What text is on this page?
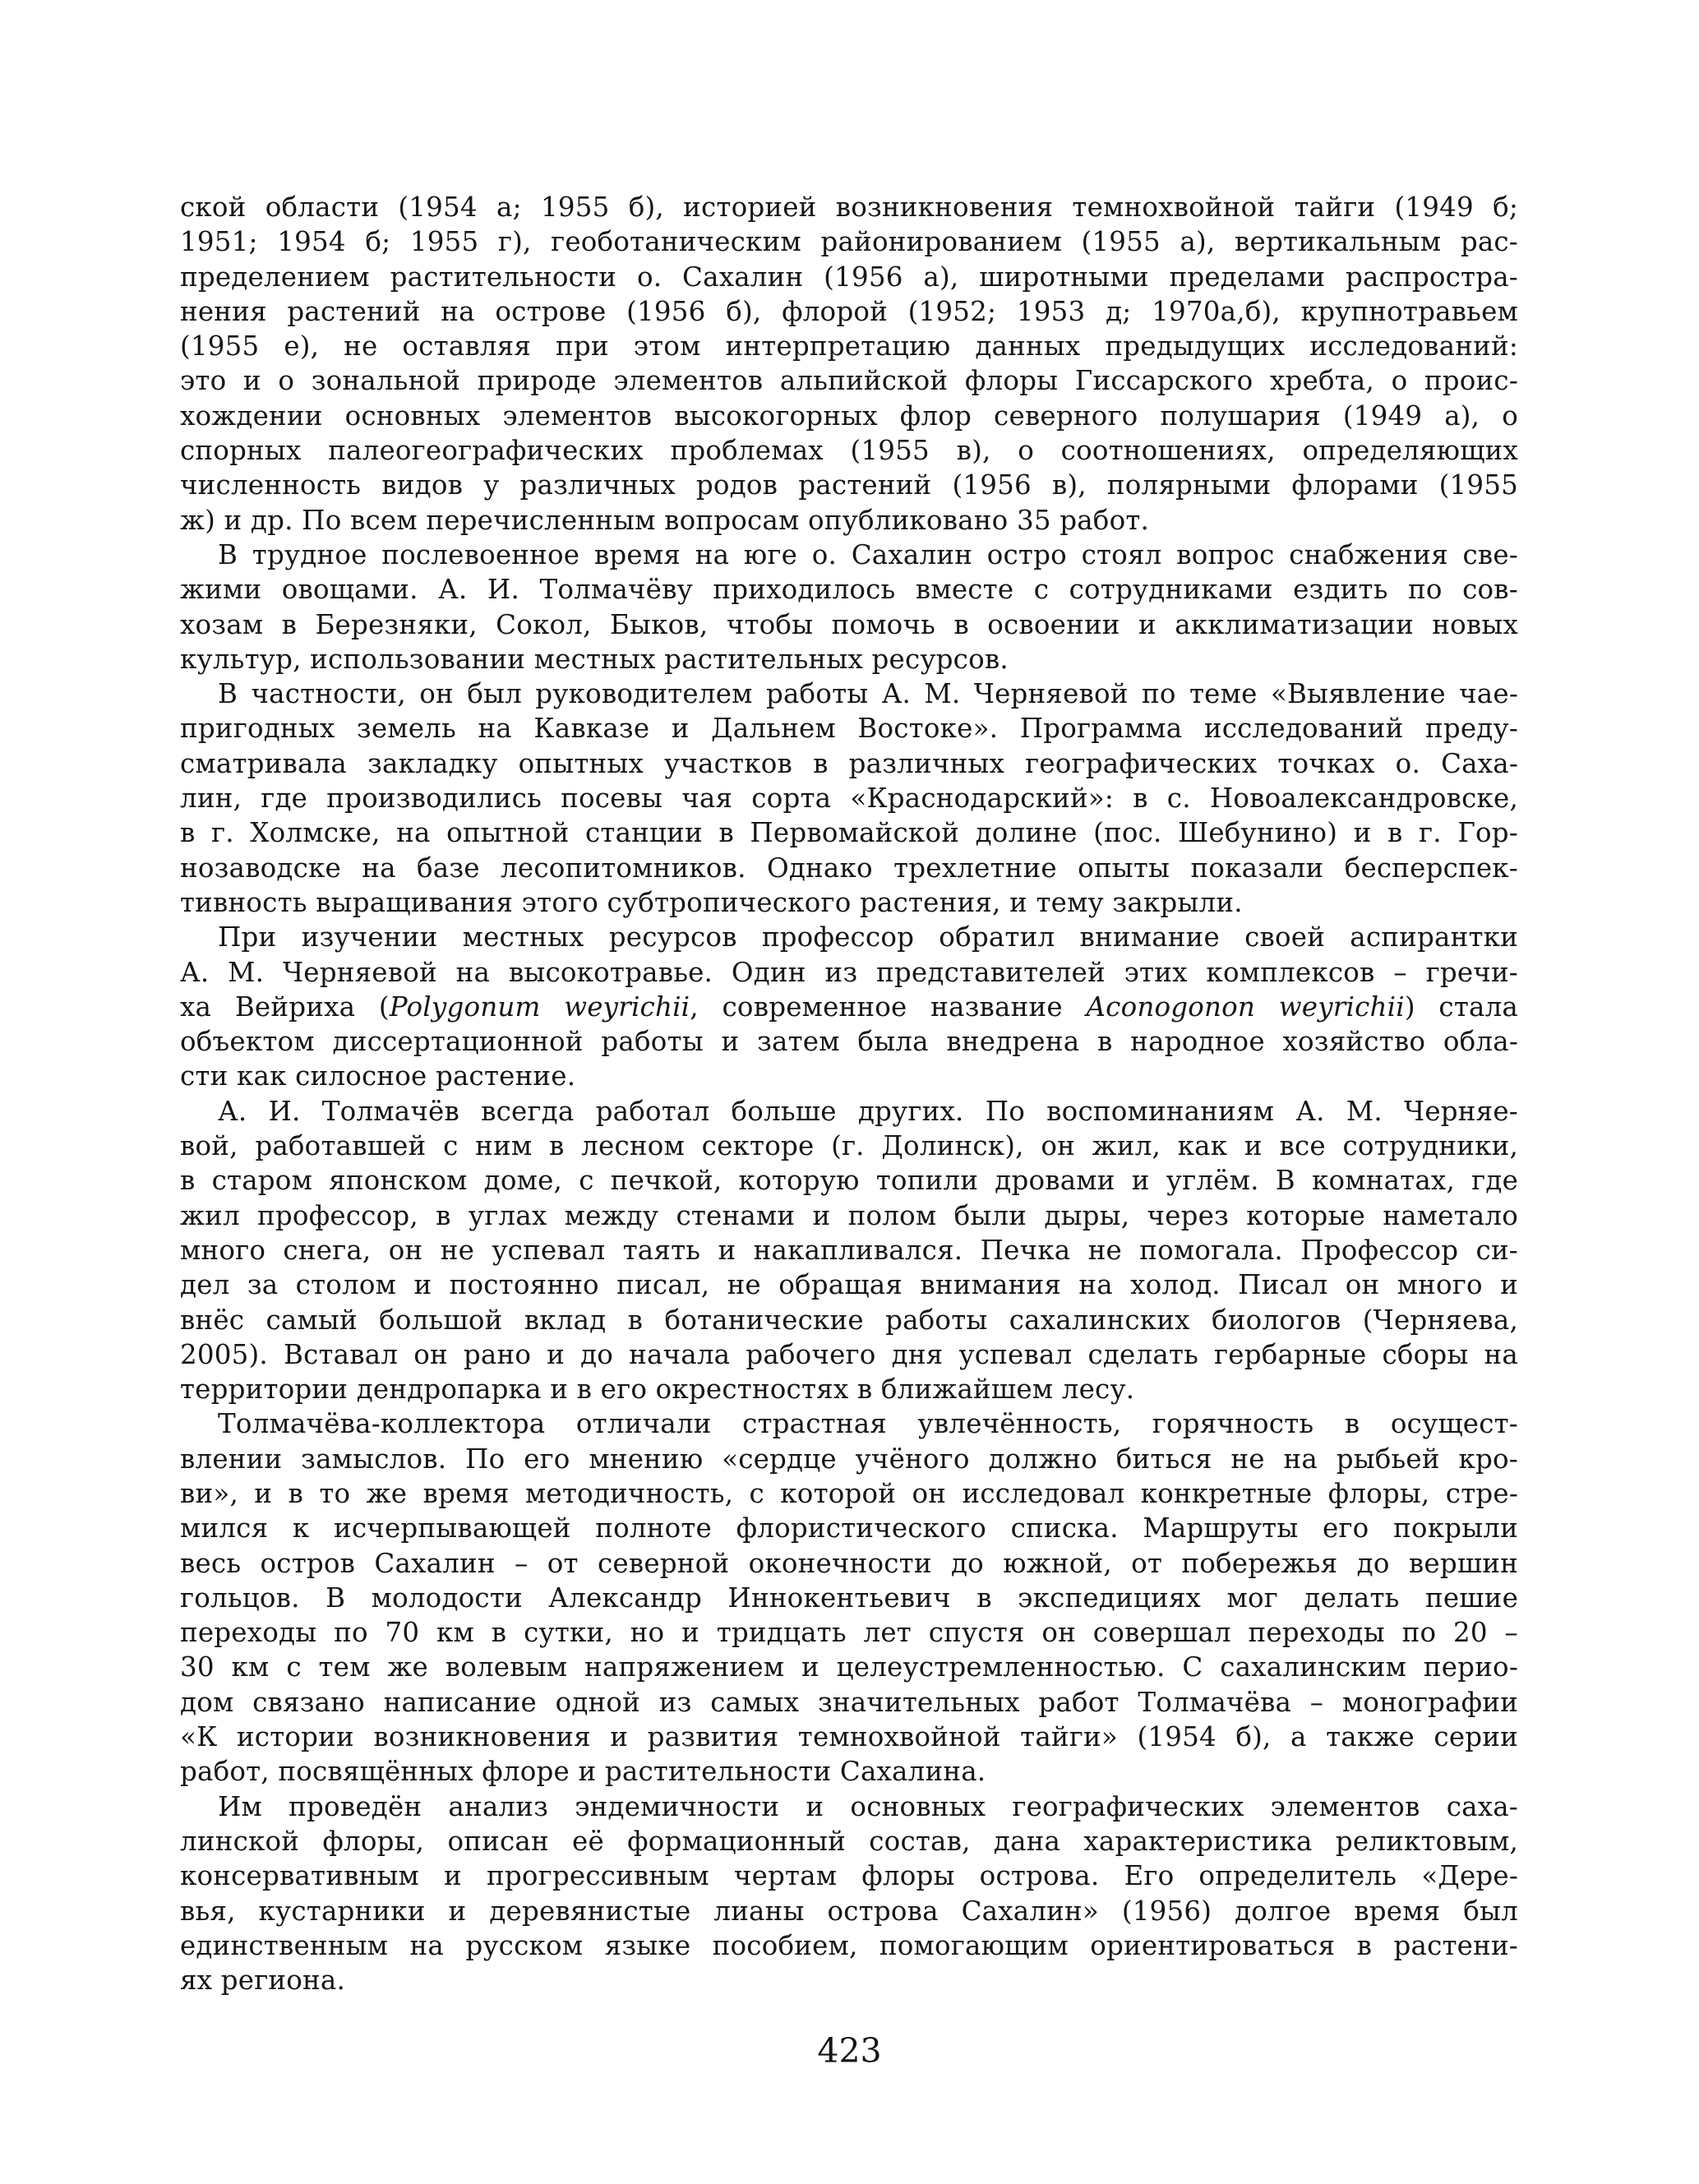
ской области (1954 а; 1955 б), историей возникновения темнохвойной тайги (1949 б;
1951; 1954 б; 1955 г), геоботаническим районированием (1955 а), вертикальным рас-
пределением растительности о. Сахалин (1956 а), широтными пределами распростра-
нения растений на острове (1956 б), флорой (1952; 1953 д; 1970а,б), крупнотравьем
(1955 е), не оставляя при этом интерпретацию данных предыдущих исследований:
это и о зональной природе элементов альпийской флоры Гиссарского хребта, о проис-
хождении основных элементов высокогорных флор северного полушария (1949 а), о
спорных палеогеографических проблемах (1955 в), о соотношениях, определяющих
численность видов у различных родов растений (1956 в), полярными флорами (1955
ж) и др. По всем перечисленным вопросам опубликовано 35 работ.
В трудное послевоенное время на юге о. Сахалин остро стоял вопрос снабжения све-
жими овощами. А. И. Толмачёву приходилось вместе с сотрудниками ездить по сов-
хозам в Березняки, Сокол, Быков, чтобы помочь в освоении и акклиматизации новых
культур, использовании местных растительных ресурсов.
В частности, он был руководителем работы А. М. Черняевой по теме «Выявление чае-
пригодных земель на Кавказе и Дальнем Востоке». Программа исследований преду-
сматривала закладку опытных участков в различных географических точках о. Саха-
лин, где производились посевы чая сорта «Краснодарский»: в с. Новоалександровске,
в г. Холмске, на опытной станции в Первомайской долине (пос. Шебунино) и в г. Гор-
нозаводске на базе лесопитомников. Однако трехлетние опыты показали бесперспек-
тивность выращивания этого субтропического растения, и тему закрыли.
При изучении местных ресурсов профессор обратил внимание своей аспирантки
А. М. Черняевой на высокотравье. Один из представителей этих комплексов – гречи-
ха Вейриха (Polygonum weyrichii, современное название Aconogonon weyrichii) стала
объектом диссертационной работы и затем была внедрена в народное хозяйство обла-
сти как силосное растение.
А. И. Толмачёв всегда работал больше других. По воспоминаниям А. М. Черняе-
вой, работавшей с ним в лесном секторе (г. Долинск), он жил, как и все сотрудники,
в старом японском доме, с печкой, которую топили дровами и углём. В комнатах, где
жил профессор, в углах между стенами и полом были дыры, через которые наметало
много снега, он не успевал таять и накапливался. Печка не помогала. Профессор си-
дел за столом и постоянно писал, не обращая внимания на холод. Писал он много и
внёс самый большой вклад в ботанические работы сахалинских биологов (Черняева,
2005). Вставал он рано и до начала рабочего дня успевал сделать гербарные сборы на
территории дендропарка и в его окрестностях в ближайшем лесу.
Толмачёва-коллектора отличали страстная увлечённость, горячность в осущест-
влении замыслов. По его мнению «сердце учёного должно биться не на рыбьей кро-
ви», и в то же время методичность, с которой он исследовал конкретные флоры, стре-
мился к исчерпывающей полноте флористического списка. Маршруты его покрыли
весь остров Сахалин – от северной оконечности до южной, от побережья до вершин
гольцов. В молодости Александр Иннокентьевич в экспедициях мог делать пешие
переходы по 70 км в сутки, но и тридцать лет спустя он совершал переходы по 20 –
30 км с тем же волевым напряжением и целеустремленностью. С сахалинским перио-
дом связано написание одной из самых значительных работ Толмачёва – монографии
«К истории возникновения и развития темнохвойной тайги» (1954 б), а также серии
работ, посвящённых флоре и растительности Сахалина.
Им проведён анализ эндемичности и основных географических элементов саха-
линской флоры, описан её формационный состав, дана характеристика реликтовым,
консервативным и прогрессивным чертам флоры острова. Его определитель «Дере-
вья, кустарники и деревянистые лианы острова Сахалин» (1956) долгое время был
единственным на русском языке пособием, помогающим ориентироваться в растени-
ях региона.
423
